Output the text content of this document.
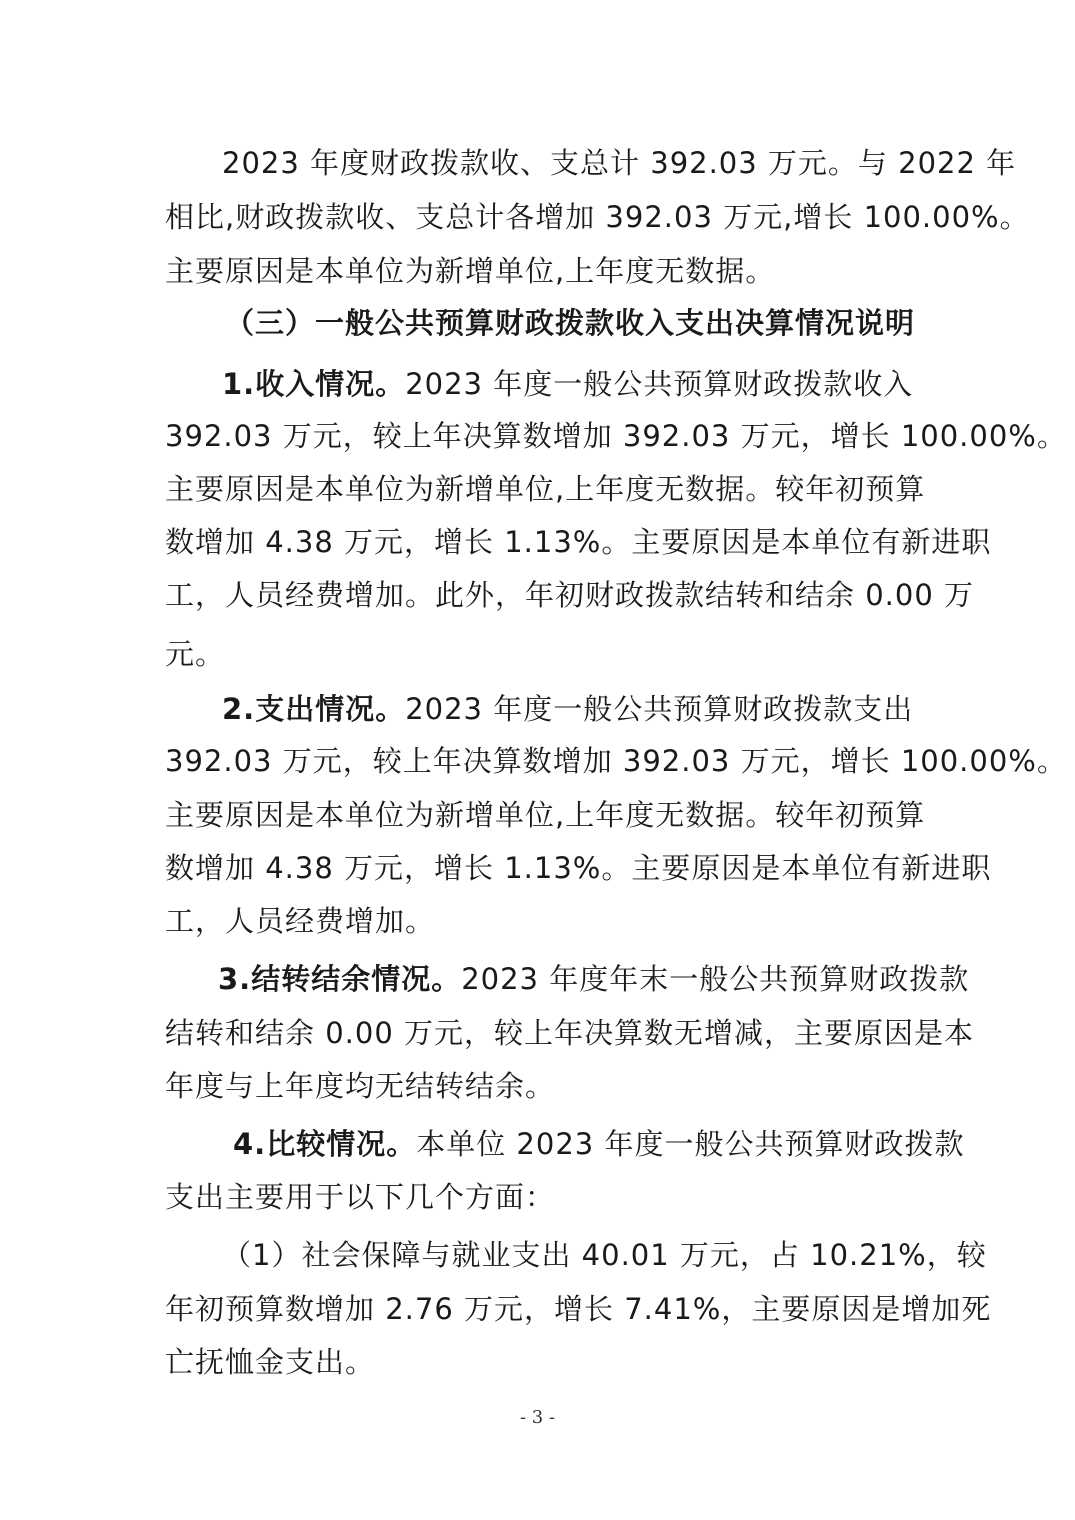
2023 年度财政拨款收、支总计 392.03 万元。与 2022 年
相比,财政拨款收、支总计各增加 392.03 万元,增长 100.00%。
主要原因是本单位为新增单位,上年度无数据。
（三）一般公共预算财政拨款收入支出决算情况说明
1.收入情况。2023 年度一般公共预算财政拨款收入
392.03 万元，较上年决算数增加 392.03 万元，增长 100.00%。
主要原因是本单位为新增单位,上年度无数据。较年初预算
数增加 4.38 万元，增长 1.13%。主要原因是本单位有新进职
工，人员经费增加。此外，年初财政拨款结转和结余 0.00 万
元。
2.支出情况。2023 年度一般公共预算财政拨款支出
392.03 万元，较上年决算数增加 392.03 万元，增长 100.00%。
主要原因是本单位为新增单位,上年度无数据。较年初预算
数增加 4.38 万元，增长 1.13%。主要原因是本单位有新进职
工，人员经费增加。
3.结转结余情况。2023 年度年末一般公共预算财政拨款
结转和结余 0.00 万元，较上年决算数无增减，主要原因是本
年度与上年度均无结转结余。
4.比较情况。本单位 2023 年度一般公共预算财政拨款
支出主要用于以下几个方面：
（1）社会保障与就业支出 40.01 万元，占 10.21%，较
年初预算数增加 2.76 万元，增长 7.41%，主要原因是增加死
亡抚恤金支出。
- 3 -
